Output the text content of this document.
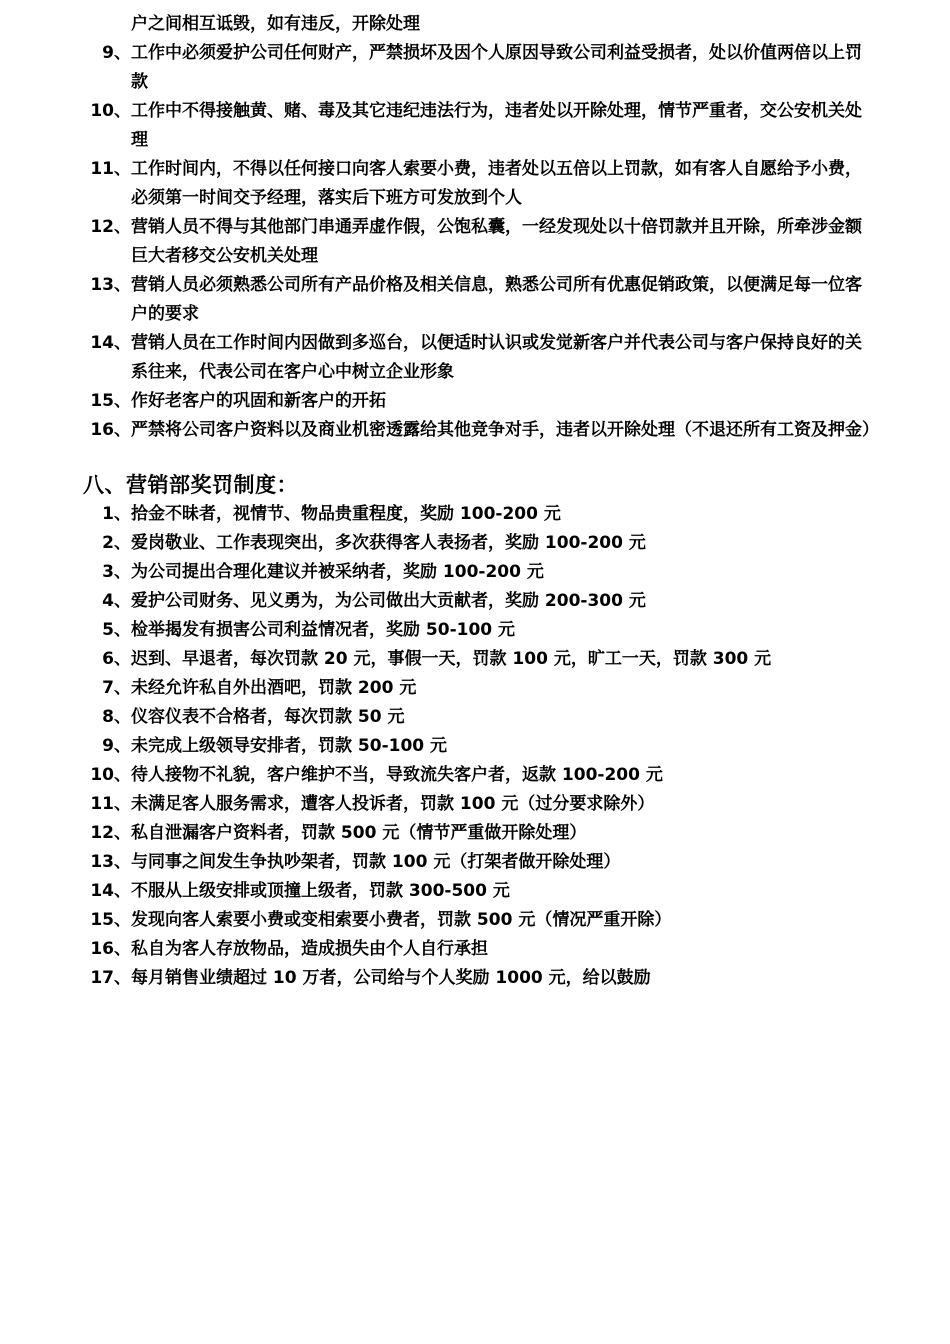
户之间相互诋毁，如有违反，开除处理
9、 工作中必须爱护公司任何财产，严禁损坏及因个人原因导致公司利益受损者，处以价值两倍以上罚款
10、 工作中不得接触黄、赌、毒及其它违纪违法行为，违者处以开除处理，情节严重者，交公安机关处理
11、 工作时间内，不得以任何接口向客人索要小费，违者处以五倍以上罚款，如有客人自愿给予小费，必须第一时间交予经理，落实后下班方可发放到个人
12、 营销人员不得与其他部门串通弄虚作假，公饱私囊，一经发现处以十倍罚款并且开除，所牵涉金额巨大者移交公安机关处理
13、 营销人员必须熟悉公司所有产品价格及相关信息，熟悉公司所有优惠促销政策，以便满足每一位客户的要求
14、 营销人员在工作时间内因做到多巡台，以便适时认识或发觉新客户并代表公司与客户保持良好的关系往来，代表公司在客户心中树立企业形象
15、 作好老客户的巩固和新客户的开拓
16、 严禁将公司客户资料以及商业机密透露给其他竞争对手，违者以开除处理（不退还所有工资及押金）
八、营销部奖罚制度：
1、 拾金不昧者，视情节、物品贵重程度，奖励 100-200 元
2、 爱岗敬业、工作表现突出，多次获得客人表扬者，奖励 100-200 元
3、 为公司提出合理化建议并被采纳者，奖励 100-200 元
4、 爱护公司财务、见义勇为，为公司做出大贡献者，奖励 200-300 元
5、 检举揭发有损害公司利益情况者，奖励 50-100 元
6、 迟到、早退者，每次罚款 20 元，事假一天，罚款 100 元，旷工一天，罚款 300 元
7、 未经允许私自外出酒吧，罚款 200 元
8、 仪容仪表不合格者，每次罚款 50 元
9、 未完成上级领导安排者，罚款 50-100 元
10、 待人接物不礼貌，客户维护不当，导致流失客户者，返款 100-200 元
11、 未满足客人服务需求，遭客人投诉者，罚款 100 元（过分要求除外）
12、 私自泄漏客户资料者，罚款 500 元（情节严重做开除处理）
13、 与同事之间发生争执吵架者，罚款 100 元（打架者做开除处理）
14、 不服从上级安排或顶撞上级者，罚款 300-500 元
15、 发现向客人索要小费或变相索要小费者，罚款 500 元（情况严重开除）
16、 私自为客人存放物品，造成损失由个人自行承担
17、 每月销售业绩超过 10 万者，公司给与个人奖励 1000 元，给以鼓励
